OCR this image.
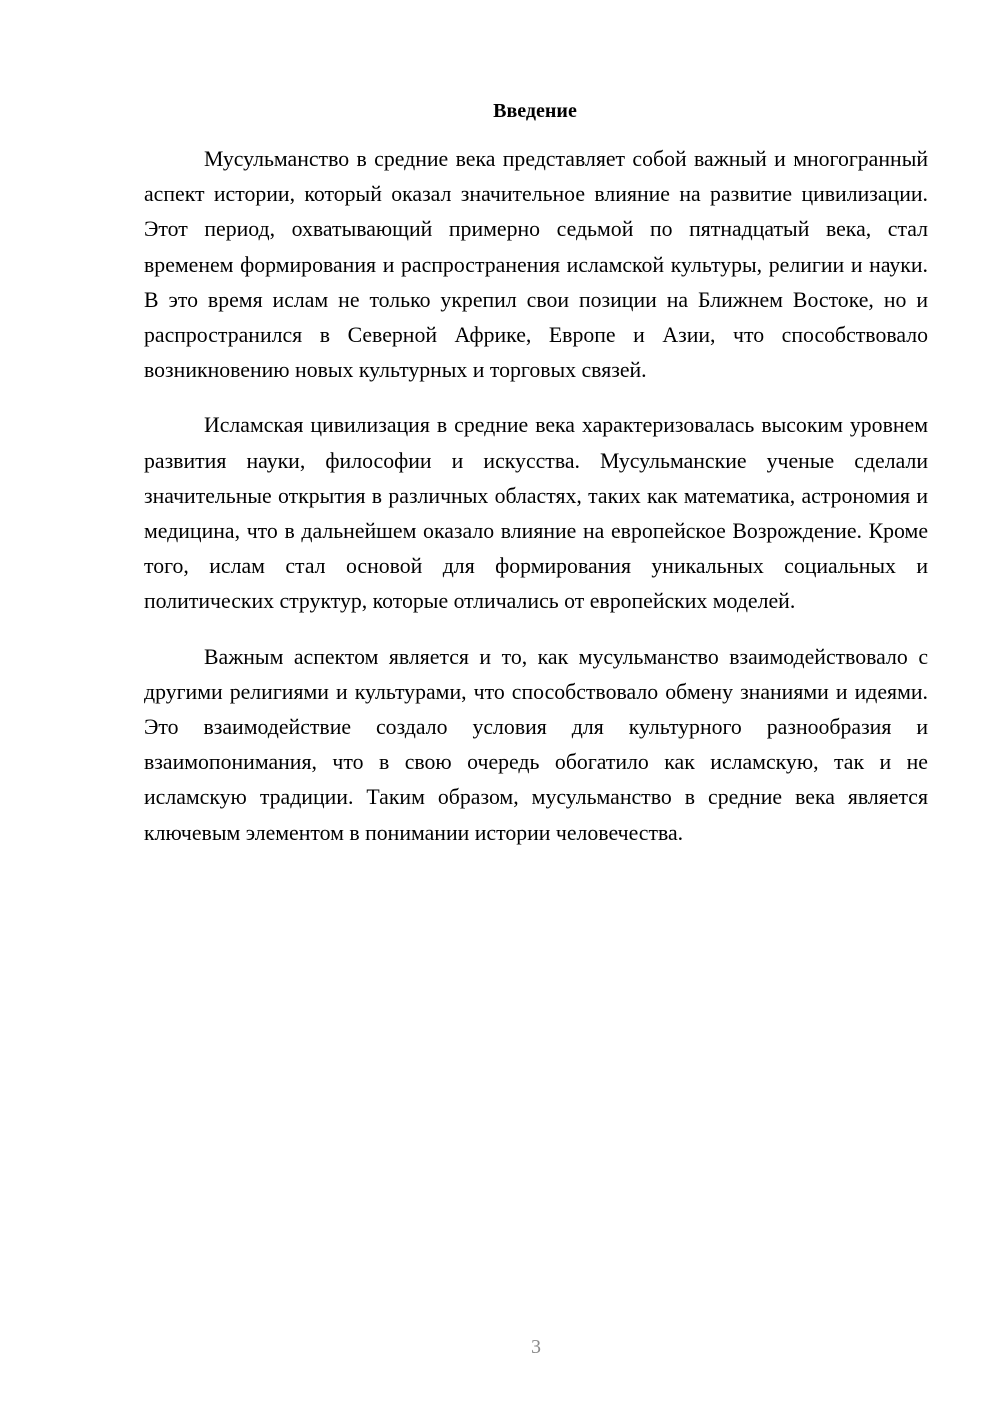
Введение

Мусульманство в средние века представляет собой важный и многогранный аспект истории, который оказал значительное влияние на развитие цивилизации. Этот период, охватывающий примерно седьмой по пятнадцатый века, стал временем формирования и распространения исламской культуры, религии и науки. В это время ислам не только укрепил свои позиции на Ближнем Востоке, но и распространился в Северной Африке, Европе и Азии, что способствовало возникновению новых культурных и торговых связей.

Исламская цивилизация в средние века характеризовалась высоким уровнем развития науки, философии и искусства. Мусульманские ученые сделали значительные открытия в различных областях, таких как математика, астрономия и медицина, что в дальнейшем оказало влияние на европейское Возрождение. Кроме того, ислам стал основой для формирования уникальных социальных и политических структур, которые отличались от европейских моделей.

Важным аспектом является и то, как мусульманство взаимодействовало с другими религиями и культурами, что способствовало обмену знаниями и идеями. Это взаимодействие создало условия для культурного разнообразия и взаимопонимания, что в свою очередь обогатило как исламскую, так и не исламскую традиции. Таким образом, мусульманство в средние века является ключевым элементом в понимании истории человечества.

3
